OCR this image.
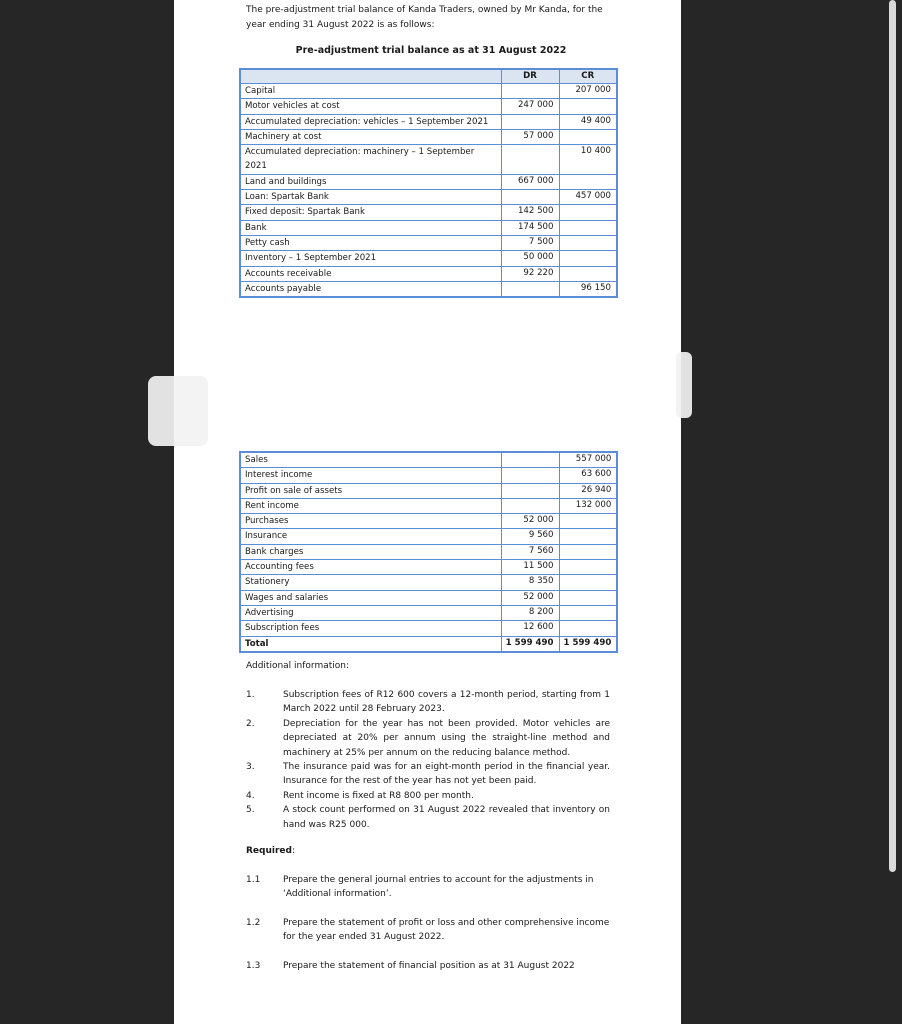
The pre-adjustment trial balance of Kanda Traders, owned by Mr Kanda, for the year ending 31 August 2022 is as follows:
Pre-adjustment trial balance as at 31 August 2022
	DR	CR
Capital		207 000
Motor vehicles at cost	247 000	
Accumulated depreciation: vehicles – 1 September 2021		49 400
Machinery at cost	57 000	
Accumulated depreciation: machinery – 1 September 2021		10 400
Land and buildings	667 000	
Loan: Spartak Bank		457 000
Fixed deposit: Spartak Bank	142 500	
Bank	174 500	
Petty cash	7 500	
Inventory – 1 September 2021	50 000	
Accounts receivable	92 220	
Accounts payable		96 150
Sales		557 000
Interest income		63 600
Profit on sale of assets		26 940
Rent income		132 000
Purchases	52 000	
Insurance	9 560	
Bank charges	7 560	
Accounting fees	11 500	
Stationery	8 350	
Wages and salaries	52 000	
Advertising	8 200	
Subscription fees	12 600	
Total	1 599 490	1 599 490
Additional information:
1.	Subscription fees of R12 600 covers a 12-month period, starting from 1 March 2022 until 28 February 2023.
2.	Depreciation for the year has not been provided. Motor vehicles are depreciated at 20% per annum using the straight-line method and machinery at 25% per annum on the reducing balance method.
3.	The insurance paid was for an eight-month period in the financial year. Insurance for the rest of the year has not yet been paid.
4.	Rent income is fixed at R8 800 per month.
5.	A stock count performed on 31 August 2022 revealed that inventory on hand was R25 000.
Required:
1.1	Prepare the general journal entries to account for the adjustments in ‘Additional information’.
1.2	Prepare the statement of profit or loss and other comprehensive income for the year ended 31 August 2022.
1.3	Prepare the statement of financial position as at 31 August 2022
